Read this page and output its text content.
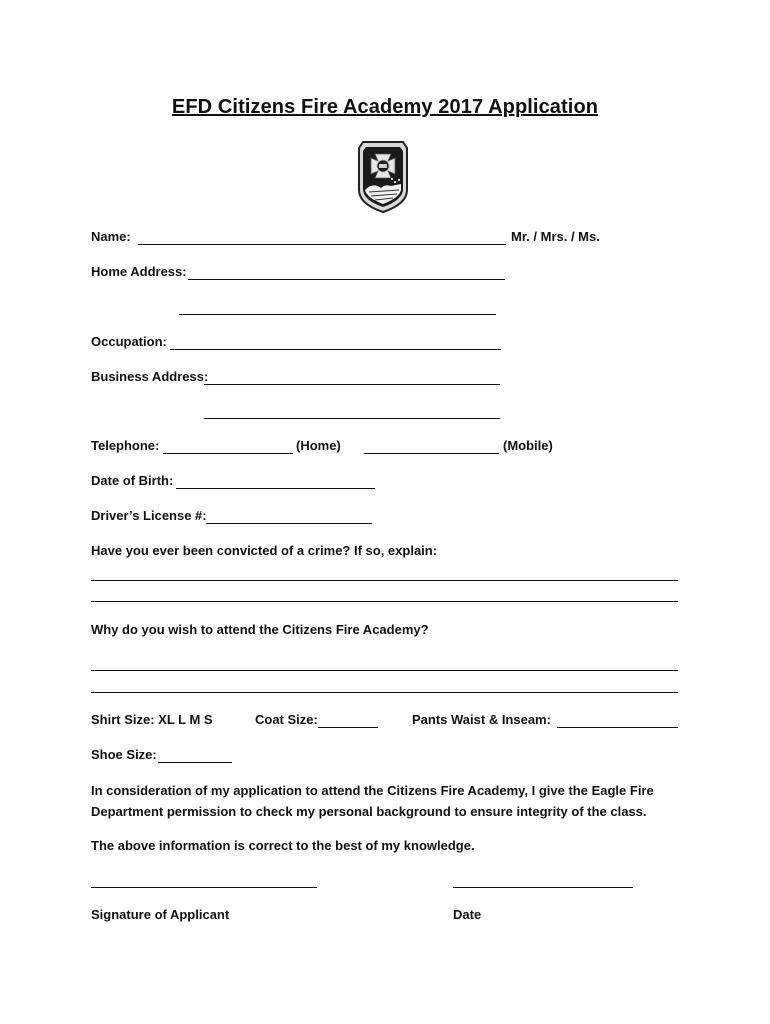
EFD Citizens Fire Academy 2017 Application
Name:	Mr. / Mrs. / Ms.
Home Address:
Occupation:
Business Address:
Telephone:	(Home)	(Mobile)
Date of Birth:
Driver’s License #:
Have you ever been convicted of a crime? If so, explain:
Why do you wish to attend the Citizens Fire Academy?
Shirt Size: XL L M S	Coat Size:	Pants Waist & Inseam:
Shoe Size:
In consideration of my application to attend the Citizens Fire Academy, I give the Eagle Fire Department permission to check my personal background to ensure integrity of the class.
The above information is correct to the best of my knowledge.
Signature of Applicant	Date
